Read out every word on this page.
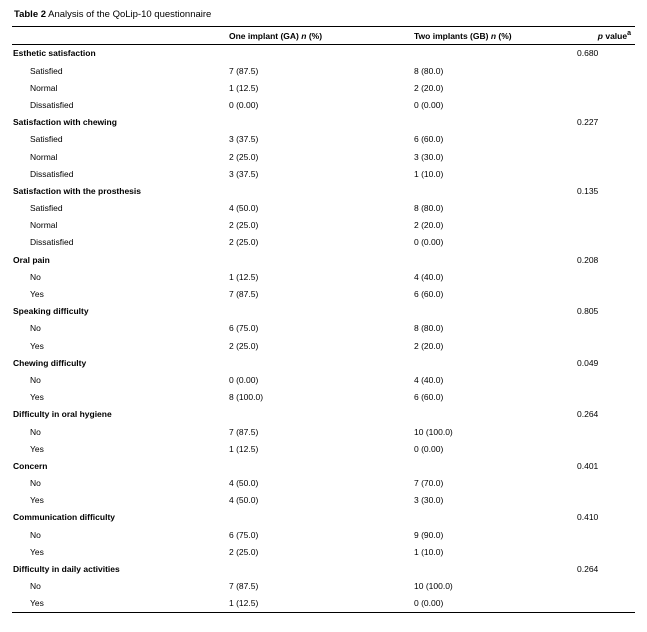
Table 2 Analysis of the QoLip-10 questionnaire
	One implant (GA) n (%)	Two implants (GB) n (%)	p value$^a$
Esthetic satisfaction			0.680
Satisfied	7 (87.5)	8 (80.0)	
Normal	1 (12.5)	2 (20.0)	
Dissatisfied	0 (0.00)	0 (0.00)	
Satisfaction with chewing			0.227
Satisfied	3 (37.5)	6 (60.0)	
Normal	2 (25.0)	3 (30.0)	
Dissatisfied	3 (37.5)	1 (10.0)	
Satisfaction with the prosthesis			0.135
Satisfied	4 (50.0)	8 (80.0)	
Normal	2 (25.0)	2 (20.0)	
Dissatisfied	2 (25.0)	0 (0.00)	
Oral pain			0.208
No	1 (12.5)	4 (40.0)	
Yes	7 (87.5)	6 (60.0)	
Speaking difficulty			0.805
No	6 (75.0)	8 (80.0)	
Yes	2 (25.0)	2 (20.0)	
Chewing difficulty			0.049
No	0 (0.00)	4 (40.0)	
Yes	8 (100.0)	6 (60.0)	
Difficulty in oral hygiene			0.264
No	7 (87.5)	10 (100.0)	
Yes	1 (12.5)	0 (0.00)	
Concern			0.401
No	4 (50.0)	7 (70.0)	
Yes	4 (50.0)	3 (30.0)	
Communication difficulty			0.410
No	6 (75.0)	9 (90.0)	
Yes	2 (25.0)	1 (10.0)	
Difficulty in daily activities			0.264
No	7 (87.5)	10 (100.0)	
Yes	1 (12.5)	0 (0.00)	
